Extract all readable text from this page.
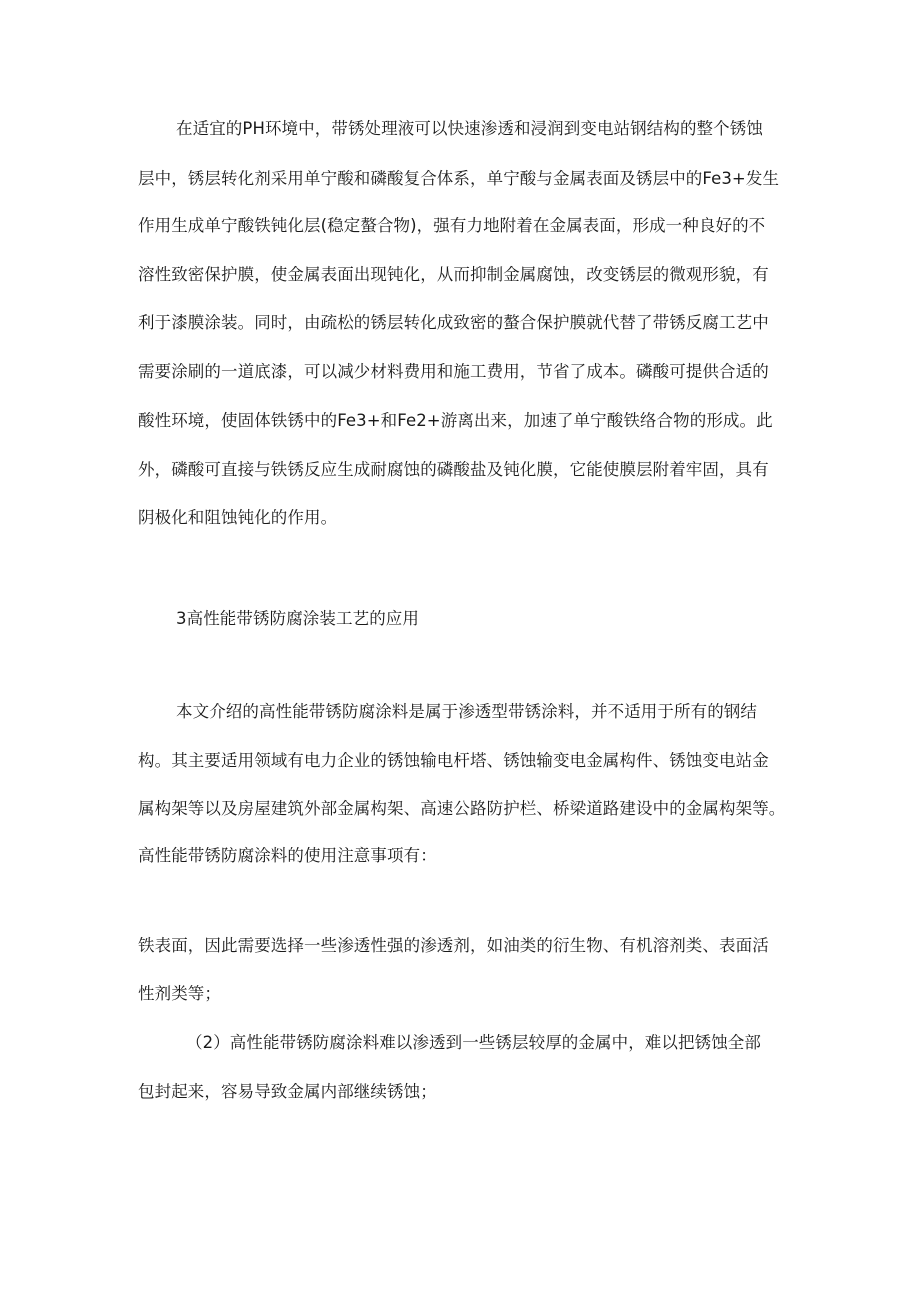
在适宜的PH环境中，带锈处理液可以快速渗透和浸润到变电站钢结构的整个锈蚀

层中，锈层转化剂采用单宁酸和磷酸复合体系，单宁酸与金属表面及锈层中的Fe3+发生

作用生成单宁酸铁钝化层(稳定螯合物)，强有力地附着在金属表面，形成一种良好的不

溶性致密保护膜，使金属表面出现钝化，从而抑制金属腐蚀，改变锈层的微观形貌，有

利于漆膜涂装。同时，由疏松的锈层转化成致密的螯合保护膜就代替了带锈反腐工艺中

需要涂刷的一道底漆，可以减少材料费用和施工费用，节省了成本。磷酸可提供合适的

酸性环境，使固体铁锈中的Fe3+和Fe2+游离出来，加速了单宁酸铁络合物的形成。此

外，磷酸可直接与铁锈反应生成耐腐蚀的磷酸盐及钝化膜，它能使膜层附着牢固，具有

阴极化和阻蚀钝化的作用。

3高性能带锈防腐涂装工艺的应用

本文介绍的高性能带锈防腐涂料是属于渗透型带锈涂料，并不适用于所有的钢结

构。其主要适用领域有电力企业的锈蚀输电杆塔、锈蚀输变电金属构件、锈蚀变电站金

属构架等以及房屋建筑外部金属构架、高速公路防护栏、桥梁道路建设中的金属构架等。

高性能带锈防腐涂料的使用注意事项有：

铁表面，因此需要选择一些渗透性强的渗透剂，如油类的衍生物、有机溶剂类、表面活

性剂类等；

（2）高性能带锈防腐涂料难以渗透到一些锈层较厚的金属中，难以把锈蚀全部

包封起来，容易导致金属内部继续锈蚀；
